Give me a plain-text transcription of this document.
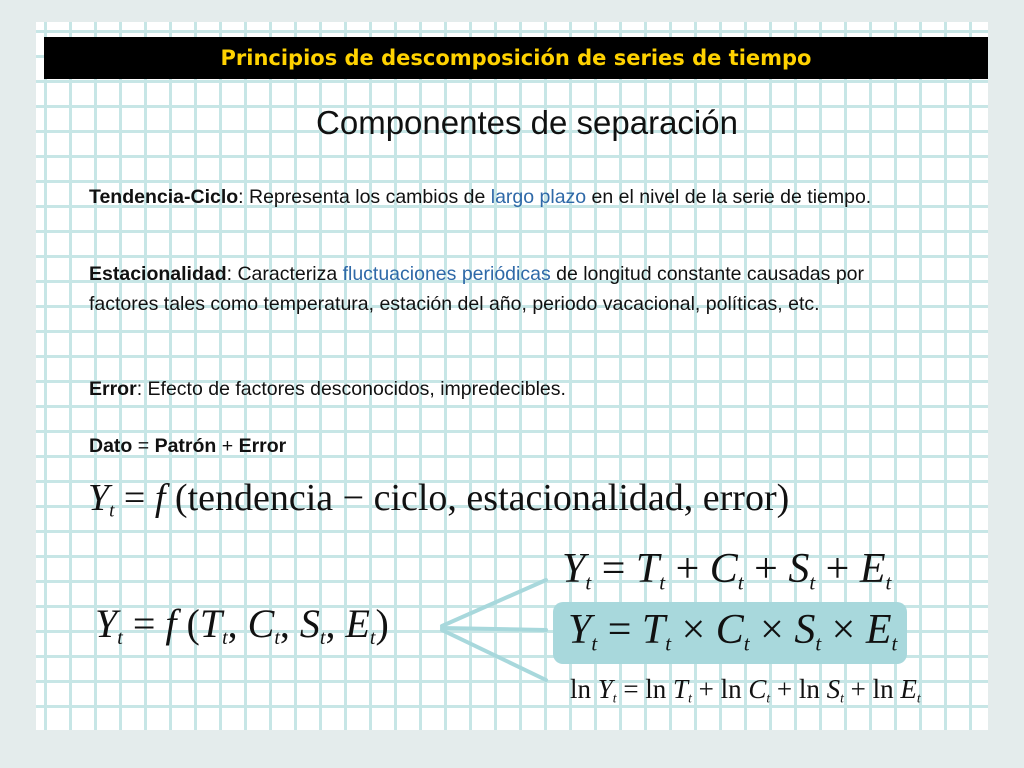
Principios de descomposición de series de tiempo
Componentes de separación
Tendencia-Ciclo: Representa los cambios de largo plazo en el nivel de la serie de tiempo.
Estacionalidad: Caracteriza fluctuaciones periódicas de longitud constante causadas por factores tales como temperatura, estación del año, periodo vacacional, políticas, etc.
Error: Efecto de factores desconocidos, impredecibles.
Dato = Patrón + Error
$Y_t = f$ (tendencia − ciclo, estacionalidad, error)
$Y_t = f$ ($T_t$, $C_t$, $S_t$, $E_t$)
$Y_t = T_t + C_t + S_t + E_t$
$Y_t = T_t \times C_t \times S_t \times E_t$
$\ln Y_t = \ln T_t + \ln C_t + \ln S_t + \ln E_t$
